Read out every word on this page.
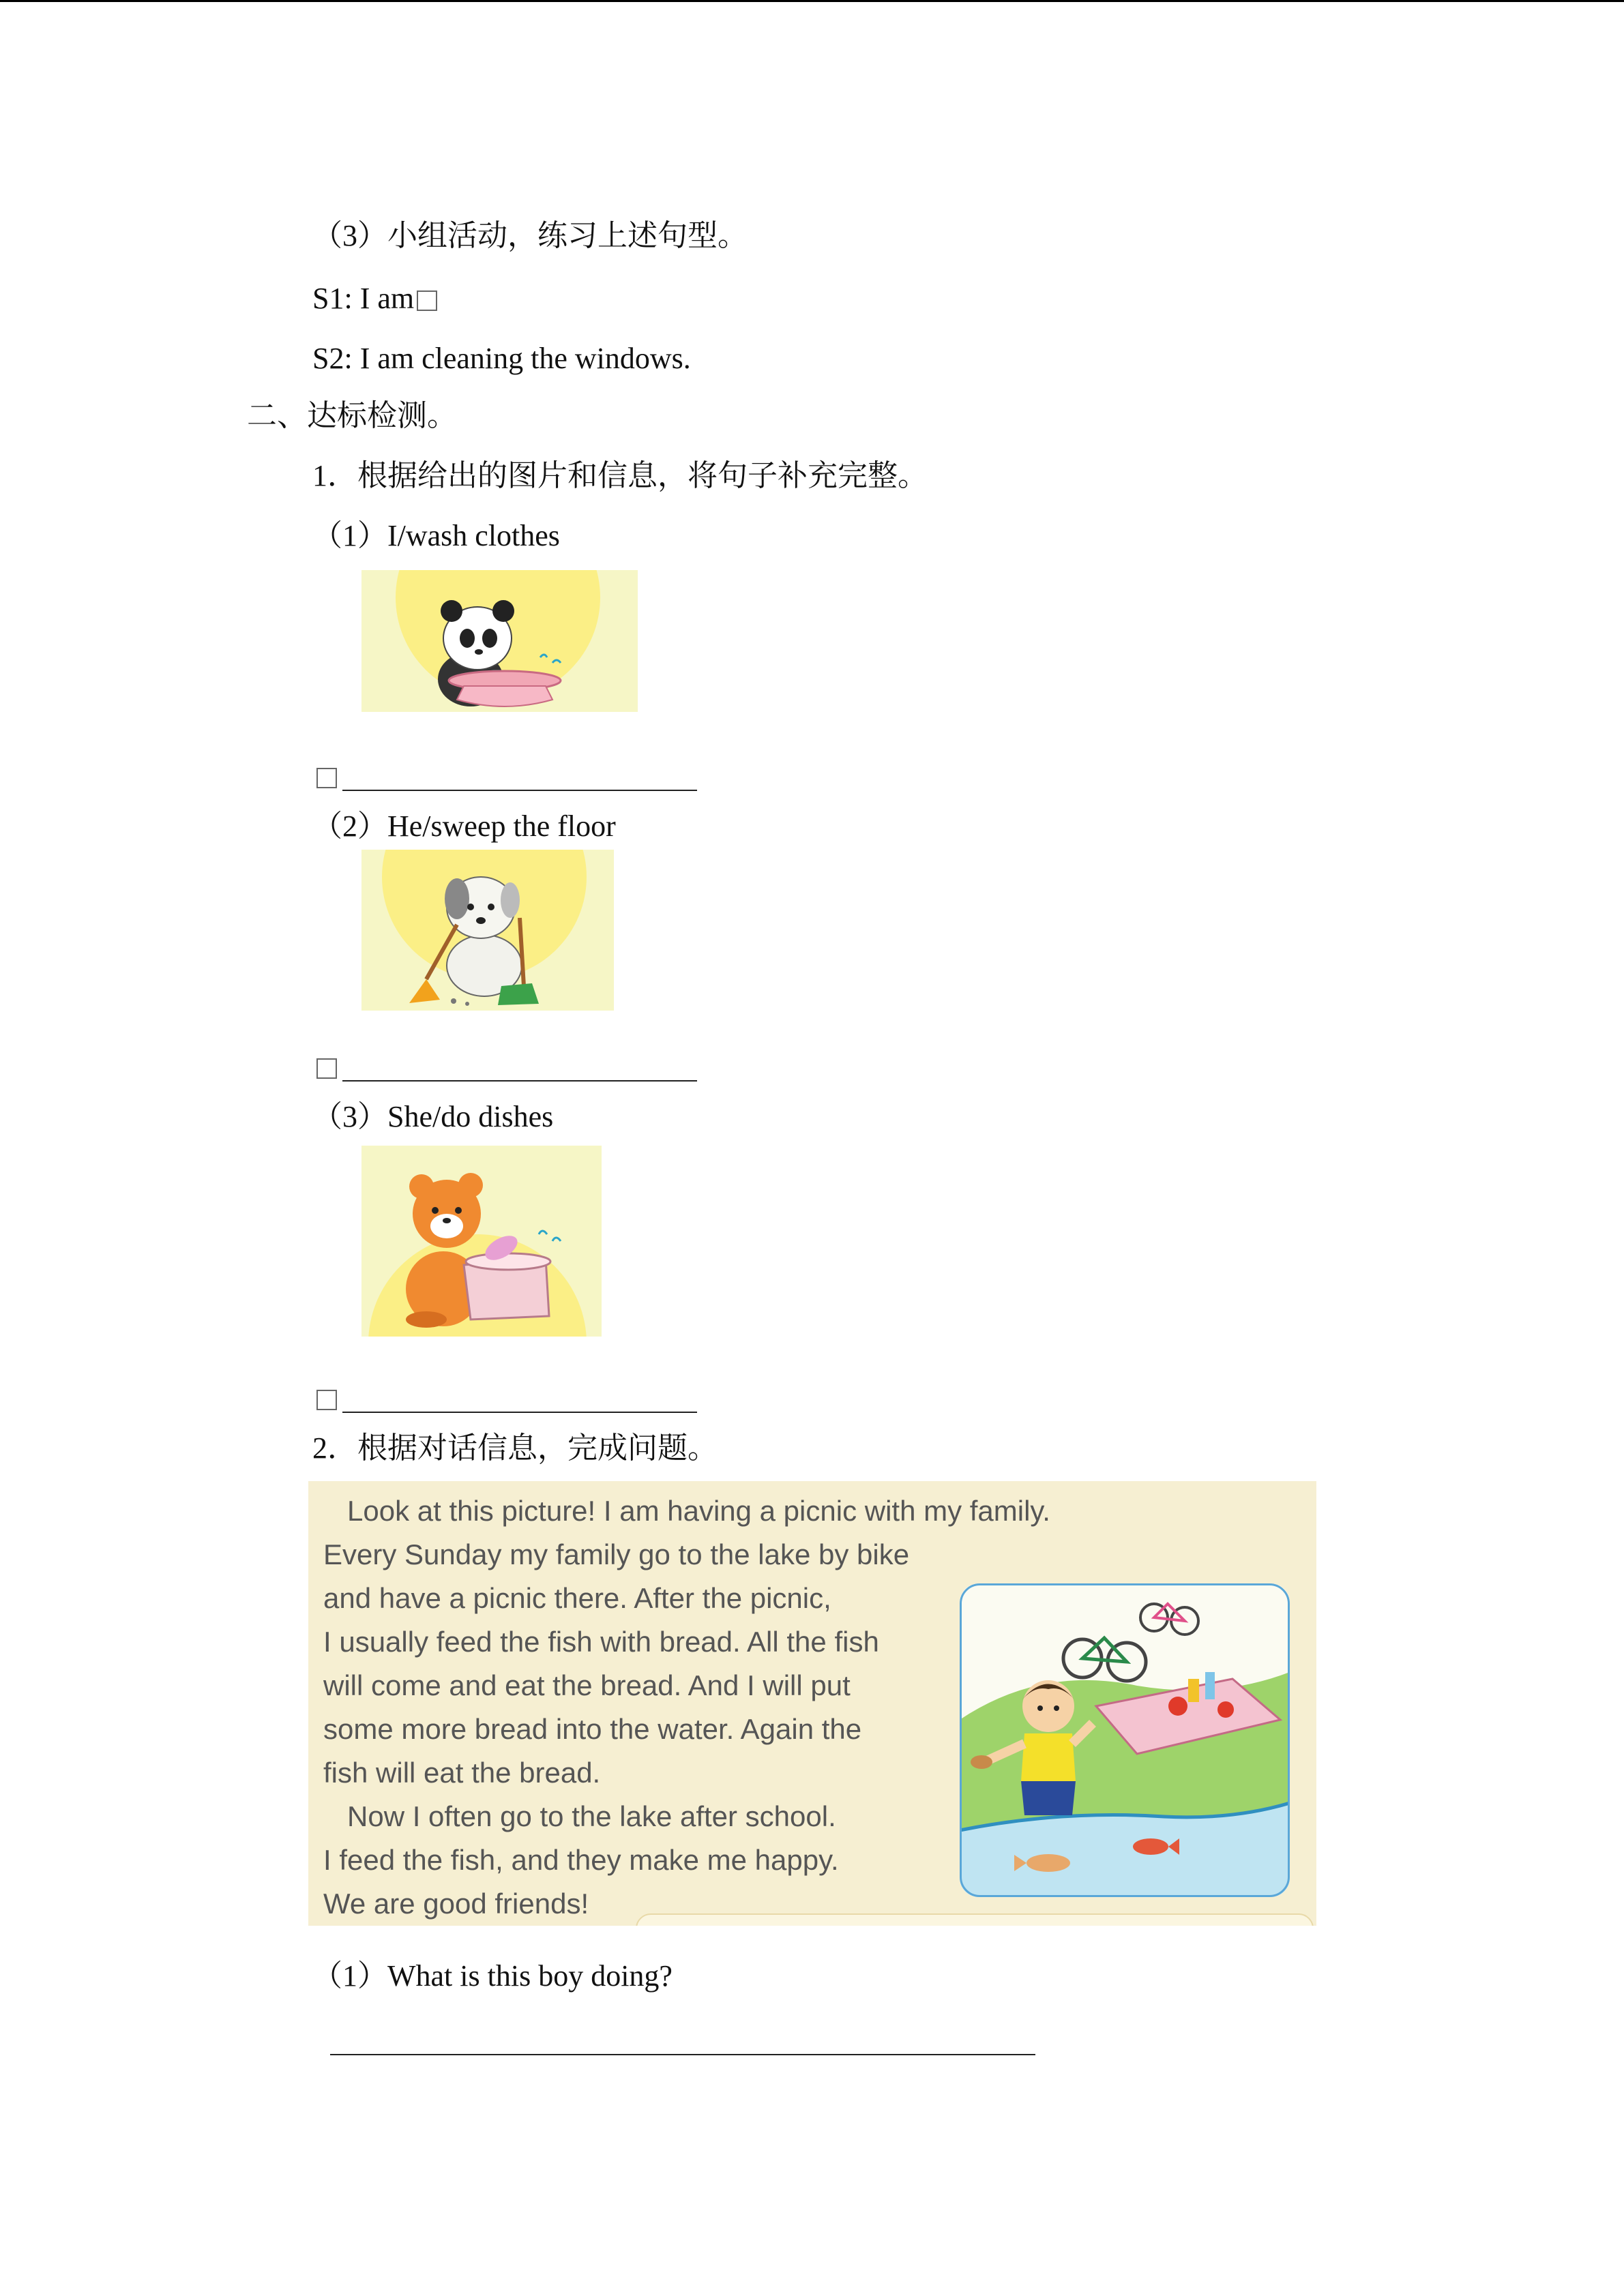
（3）小组活动，练习上述句型。
S1: I am
S2: I am cleaning the windows.
二、达标检测。
1．根据给出的图片和信息，将句子补充完整。
（1）I/wash clothes
（2）He/sweep the floor
（3）She/do dishes
2．根据对话信息，完成问题。
Look at this picture! I am having a picnic with my family.
Every Sunday my family go to the lake by bike
and have a picnic there. After the picnic,
I usually feed the fish with bread. All the fish
will come and eat the bread. And I will put
some more bread into the water. Again the
fish will eat the bread.
Now I often go to the lake after school.
I feed the fish, and they make me happy.
We are good friends!
（1）What is this boy doing?
